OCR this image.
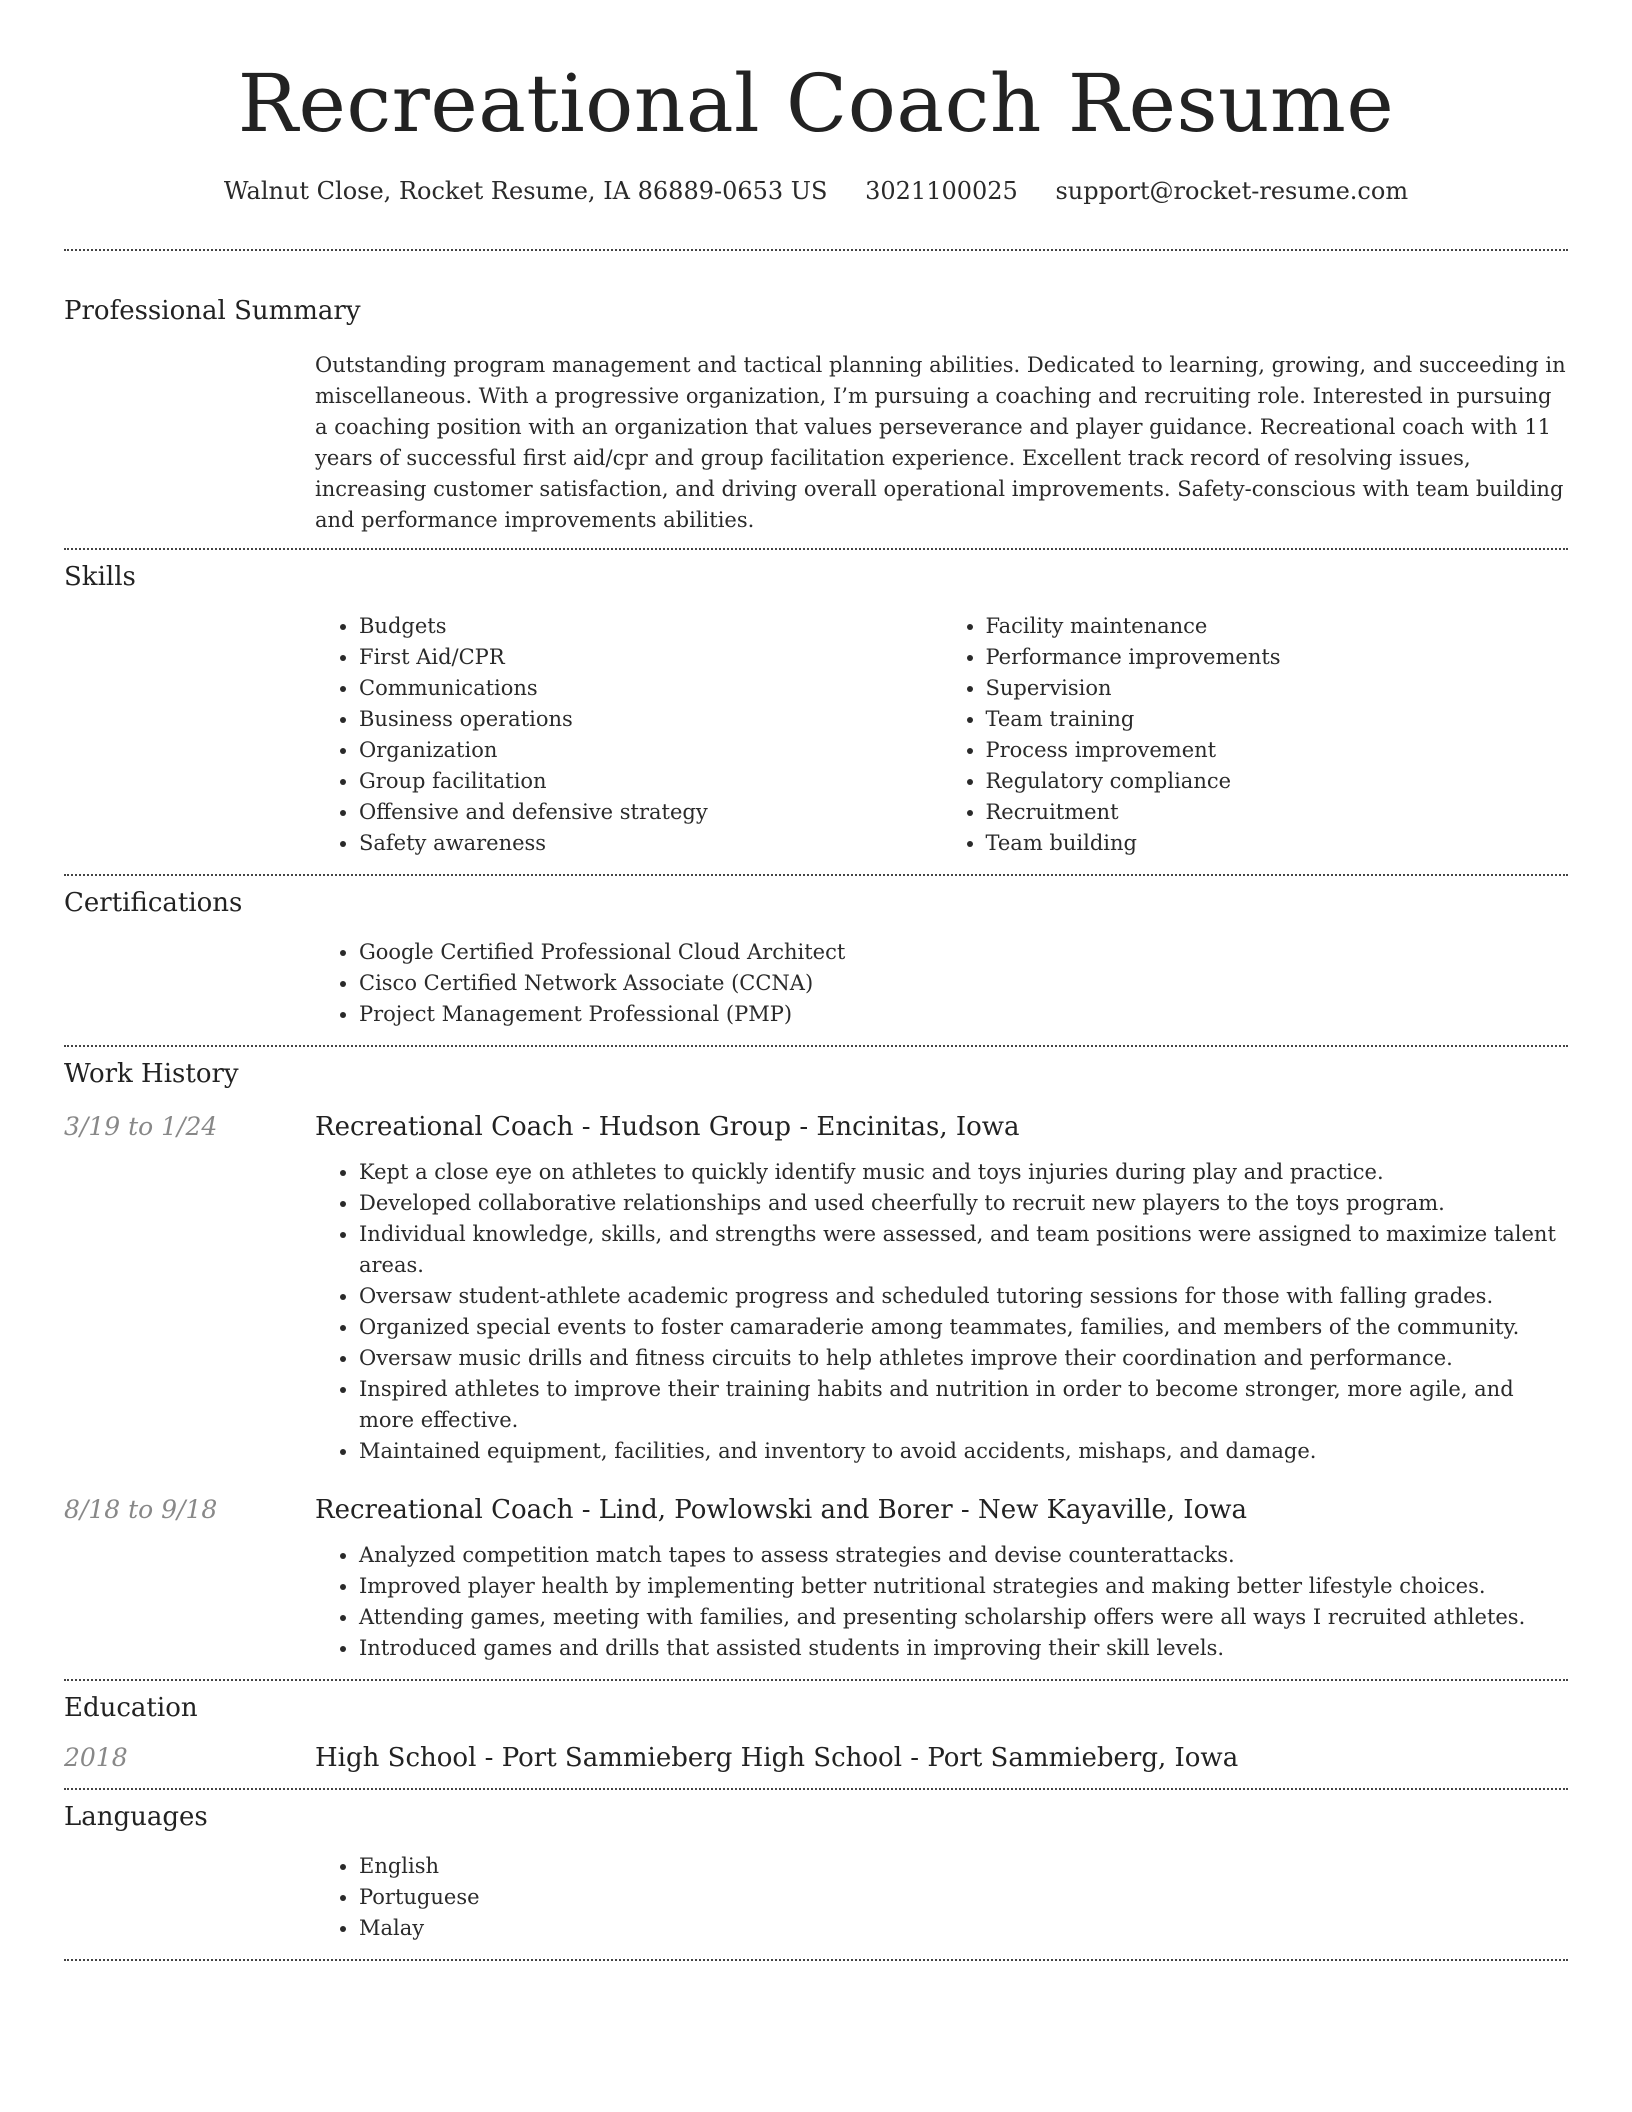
Recreational Coach Resume
Walnut Close, Rocket Resume, IA 86889-0653 US 3021100025 support@rocket-resume.com
Professional Summary
Outstanding program management and tactical planning abilities. Dedicated to learning, growing, and succeeding in miscellaneous. With a progressive organization, I’m pursuing a coaching and recruiting role. Interested in pursuing a coaching position with an organization that values perseverance and player guidance. Recreational coach with 11 years of successful first aid/cpr and group facilitation experience. Excellent track record of resolving issues, increasing customer satisfaction, and driving overall operational improvements. Safety-conscious with team building and performance improvements abilities.
Skills
• Budgets
• First Aid/CPR
• Communications
• Business operations
• Organization
• Group facilitation
• Offensive and defensive strategy
• Safety awareness
• Facility maintenance
• Performance improvements
• Supervision
• Team training
• Process improvement
• Regulatory compliance
• Recruitment
• Team building
Certifications
• Google Certified Professional Cloud Architect
• Cisco Certified Network Associate (CCNA)
• Project Management Professional (PMP)
Work History
3/19 to 1/24	Recreational Coach - Hudson Group - Encinitas, Iowa
• Kept a close eye on athletes to quickly identify music and toys injuries during play and practice.
• Developed collaborative relationships and used cheerfully to recruit new players to the toys program.
• Individual knowledge, skills, and strengths were assessed, and team positions were assigned to maximize talent areas.
• Oversaw student-athlete academic progress and scheduled tutoring sessions for those with falling grades.
• Organized special events to foster camaraderie among teammates, families, and members of the community.
• Oversaw music drills and fitness circuits to help athletes improve their coordination and performance.
• Inspired athletes to improve their training habits and nutrition in order to become stronger, more agile, and more effective.
• Maintained equipment, facilities, and inventory to avoid accidents, mishaps, and damage.
8/18 to 9/18	Recreational Coach - Lind, Powlowski and Borer - New Kayaville, Iowa
• Analyzed competition match tapes to assess strategies and devise counterattacks.
• Improved player health by implementing better nutritional strategies and making better lifestyle choices.
• Attending games, meeting with families, and presenting scholarship offers were all ways I recruited athletes.
• Introduced games and drills that assisted students in improving their skill levels.
Education
2018	High School - Port Sammieberg High School - Port Sammieberg, Iowa
Languages
• English
• Portuguese
• Malay
